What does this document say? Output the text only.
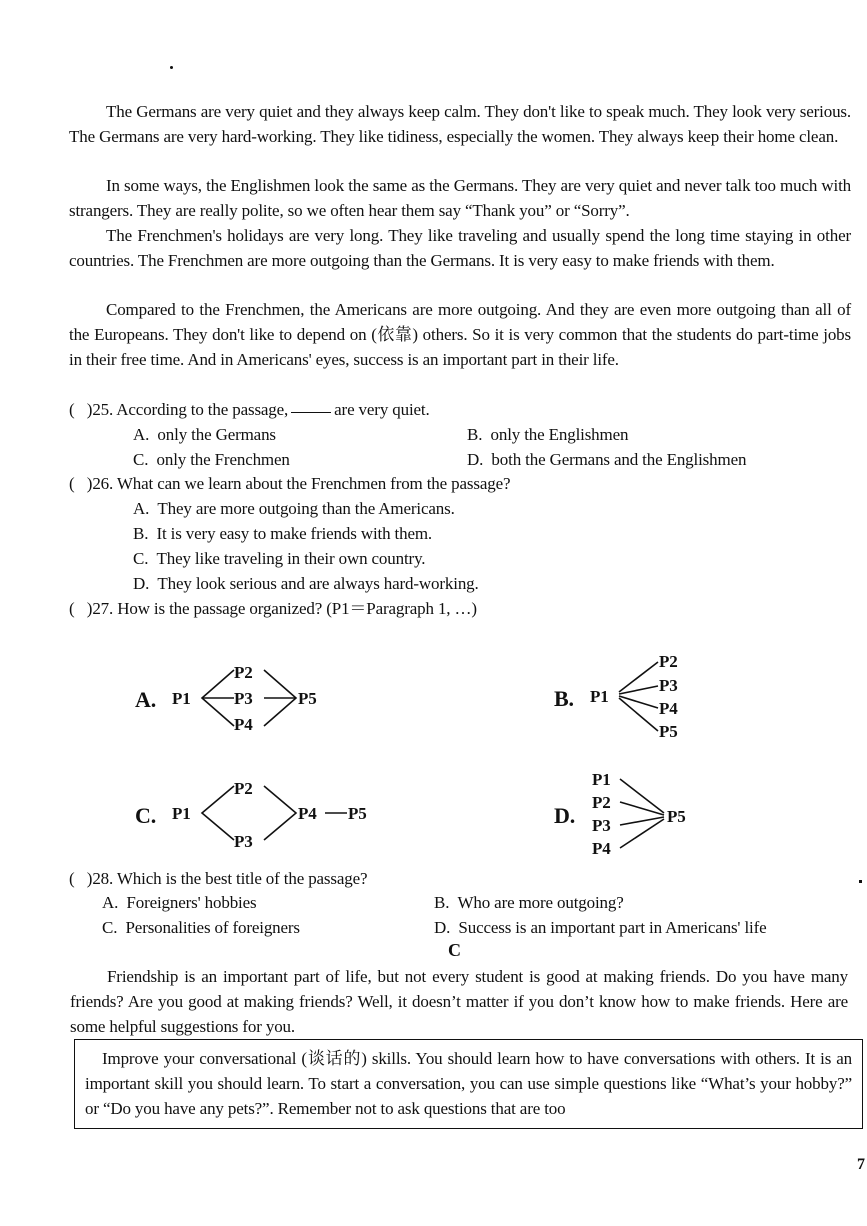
The Germans are very quiet and they always keep calm. They don't like to speak much. They look very serious. The Germans are very hard-working. They like tidiness, especially the women. They always keep their home clean.
In some ways, the Englishmen look the same as the Germans. They are very quiet and never talk too much with strangers. They are really polite, so we often hear them say “Thank you” or “Sorry”.
The Frenchmen's holidays are very long. They like traveling and usually spend the long time staying in other countries. The Frenchmen are more outgoing than the Germans. It is very easy to make friends with them.
Compared to the Frenchmen, the Americans are more outgoing. And they are even more outgoing than all of the Europeans. They don't like to depend on (依靠) others. So it is very common that the students do part-time jobs in their free time. And in Americans' eyes, success is an important part in their life.
(   )25. According to the passage,	are very quiet.
A.  only the Germans	B.  only the Englishmen
C.  only the Frenchmen	D.  both the Germans and the Englishmen
(   )26. What can we learn about the Frenchmen from the passage?
A.  They are more outgoing than the Americans.
B.  It is very easy to make friends with them.
C.  They like traveling in their own country.
D.  They look serious and are always hard-working.
(   )27. How is the passage organized? (P1＝Paragraph 1, …)
A. P1
P2
P3
P4
P5	B. P1
P2
P3
P4
P5
C. P1
P2
P3
P4 P5	D.
P1
P2
P3
P4
P5
(   )28. Which is the best title of the passage?
A.  Foreigners' hobbies	B.  Who are more outgoing?
C.  Personalities of foreigners	D.  Success is an important part in Americans' life
C
Friendship is an important part of life, but not every student is good at making friends. Do you have many friends? Are you good at making friends? Well, it doesn’t matter if you don’t know how to make friends. Here are some helpful suggestions for you.
Improve your conversational (谈话的) skills. You should learn how to have conversations with others. It is an important skill you should learn. To start a conversation, you can use simple questions like “What’s your hobby?” or “Do you have any pets?”. Remember not to ask questions that are too
7
